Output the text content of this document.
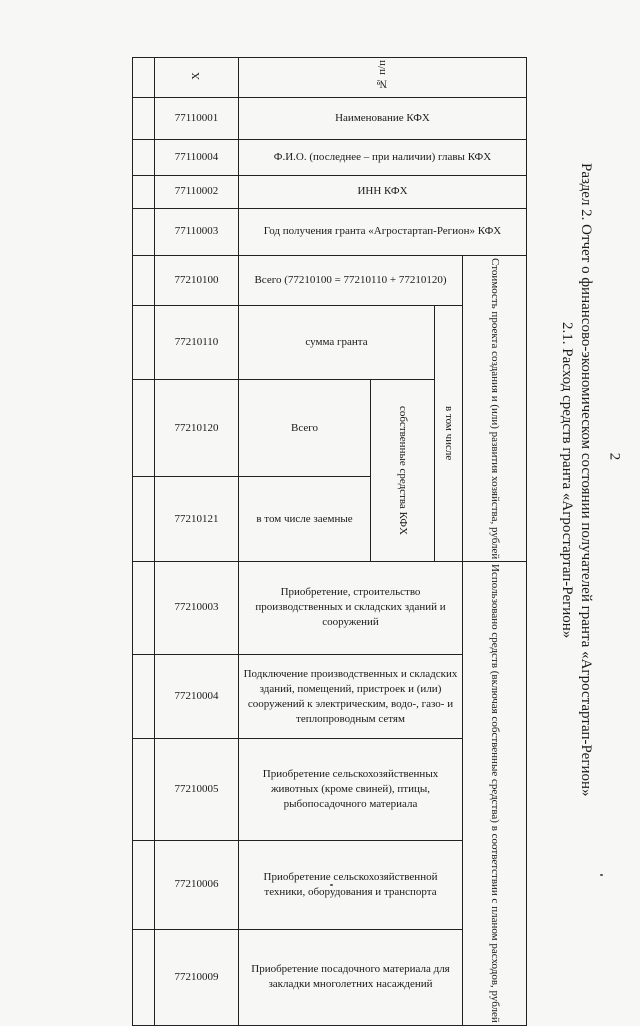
2
Раздел 2. Отчет о финансово-экономическом состоянии получателей гранта «Агростартап-Регион»
2.1. Расход средств гранта «Агростартап-Регион»
	X	№ п/п			
	77110001	Наименование КФХ			
	77110004	Ф.И.О. (последнее – при наличии) главы КФХ			
	77110002	ИНН КФХ			
	77110003	Год получения гранта «Агростартап-Регион» КФХ			
	77210100	Всего (77210100 = 77210110 + 77210120)			Стоимость проекта создания и (или) развития хозяйства, рублей
	77210110	сумма гранта		в том числе	
	77210120	Всего	собственные средства КФХ		
	77210121	в том числе заемные			
	77210003	Приобретение, строительство производственных и складских зданий и сооружений			Использовано средств (включая собственные средства) в соответствии с планом расходов, рублей
	77210004	Подключение производственных и складских зданий, помещений, пристроек и (или) сооружений к электрическим, водо-, газо- и теплопроводным сетям			
	77210005	Приобретение сельскохозяйственных животных (кроме свиней), птицы, рыбопосадочного материала			
	77210006	Приобретение сельскохозяйственной техники, оборудования и транспорта			
	77210009	Приобретение посадочного материала для закладки многолетних насаждений			
